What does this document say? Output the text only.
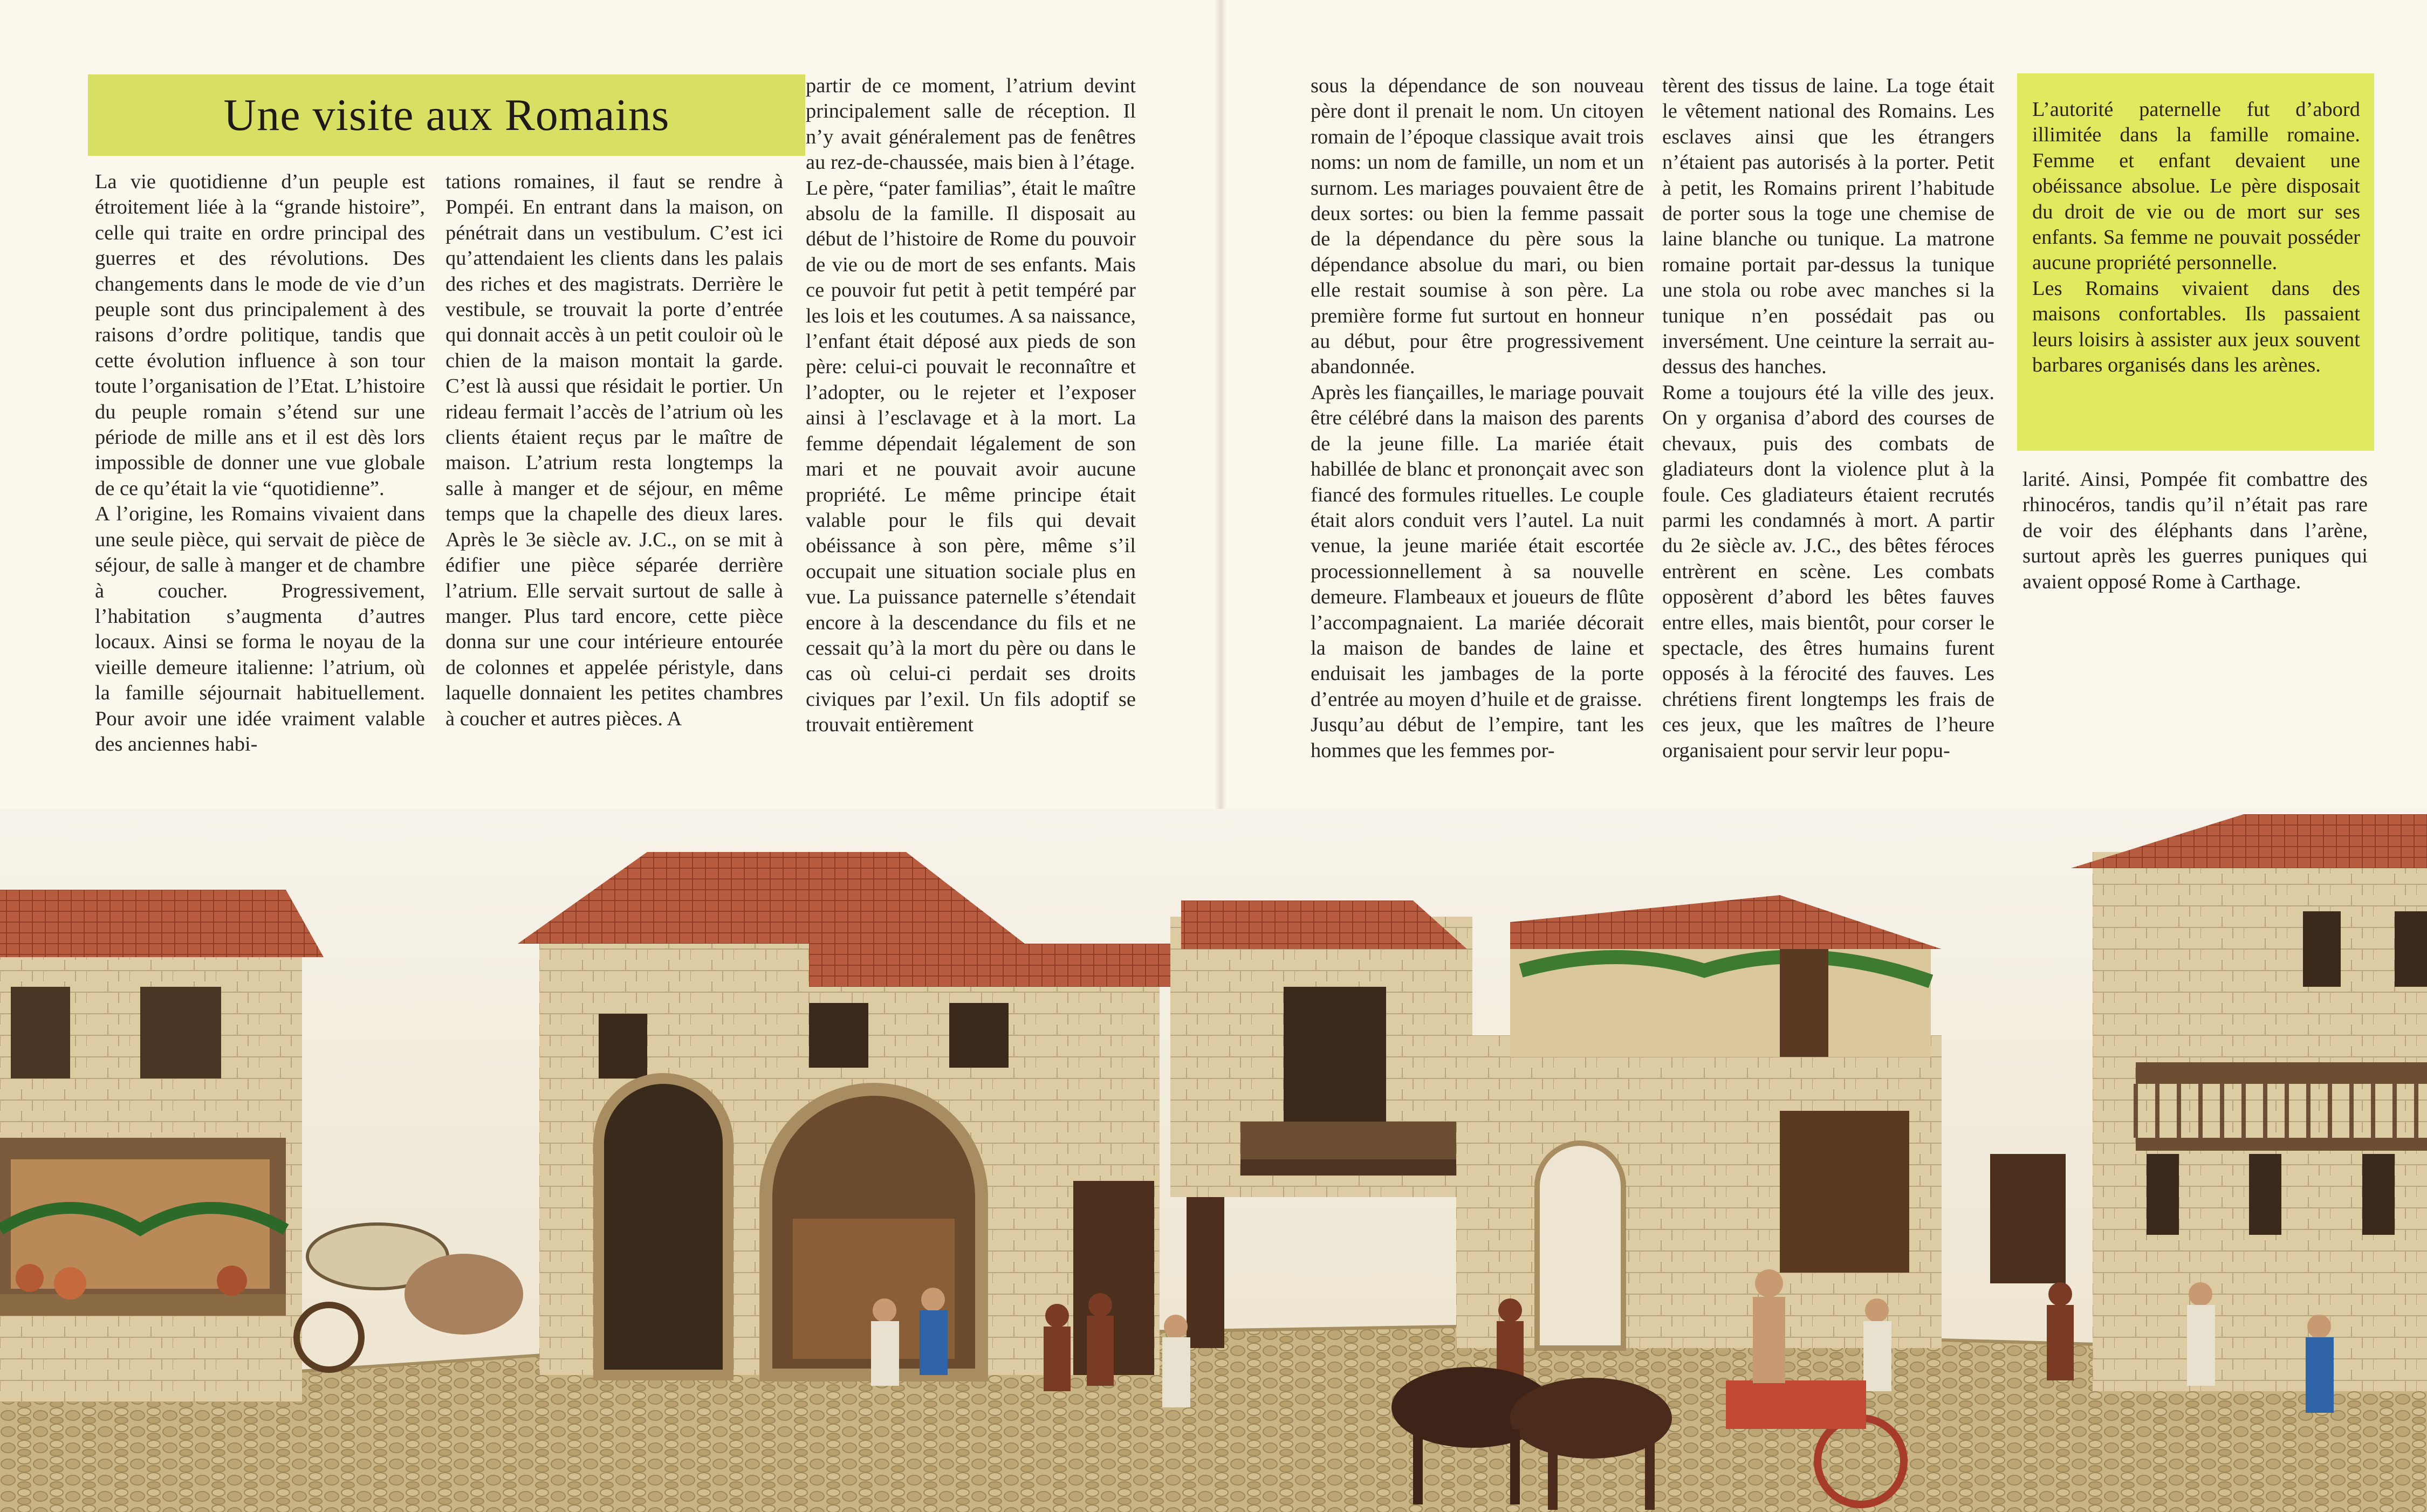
Une visite aux Romains

La vie quotidienne d’un peuple est étroitement liée à la “grande histoire”, celle qui traite en ordre principal des guerres et des révolutions. Des changements dans le mode de vie d’un peuple sont dus principalement à des raisons d’ordre politique, tandis que cette évolution influence à son tour toute l’organisation de l’Etat. L’histoire du peuple romain s’étend sur une période de mille ans et il est dès lors impossible de donner une vue globale de ce qu’était la vie “quotidienne”.

A l’origine, les Romains vivaient dans une seule pièce, qui servait de pièce de séjour, de salle à manger et de chambre à coucher. Progressivement, l’habitation s’augmenta d’autres locaux. Ainsi se forma le noyau de la vieille demeure italienne: l’atrium, où la famille séjournait habituellement. Pour avoir une idée vraiment valable des anciennes habi-

tations romaines, il faut se rendre à Pompéi. En entrant dans la maison, on pénétrait dans un vestibulum. C’est ici qu’attendaient les clients dans les palais des riches et des magistrats. Derrière le vestibule, se trouvait la porte d’entrée qui donnait accès à un petit couloir où le chien de la maison montait la garde. C’est là aussi que résidait le portier. Un rideau fermait l’accès de l’atrium où les clients étaient reçus par le maître de maison. L’atrium resta longtemps la salle à manger et de séjour, en même temps que la chapelle des dieux lares. Après le 3e siècle av. J.C., on se mit à édifier une pièce séparée derrière l’atrium. Elle servait surtout de salle à manger. Plus tard encore, cette pièce donna sur une cour intérieure entourée de colonnes et appelée péristyle, dans laquelle donnaient les petites chambres à coucher et autres pièces. A

partir de ce moment, l’atrium devint principalement salle de réception. Il n’y avait généralement pas de fenêtres au rez-de-chaussée, mais bien à l’étage.

Le père, “pater familias”, était le maître absolu de la famille. Il disposait au début de l’histoire de Rome du pouvoir de vie ou de mort de ses enfants. Mais ce pouvoir fut petit à petit tempéré par les lois et les coutumes. A sa naissance, l’enfant était déposé aux pieds de son père: celui-ci pouvait le reconnaître et l’adopter, ou le rejeter et l’exposer ainsi à l’esclavage et à la mort. La femme dépendait légalement de son mari et ne pouvait avoir aucune propriété. Le même principe était valable pour le fils qui devait obéissance à son père, même s’il occupait une situation sociale plus en vue. La puissance paternelle s’étendait encore à la descendance du fils et ne cessait qu’à la mort du père ou dans le cas où celui-ci perdait ses droits civiques par l’exil. Un fils adoptif se trouvait entièrement

sous la dépendance de son nouveau père dont il prenait le nom. Un citoyen romain de l’époque classique avait trois noms: un nom de famille, un nom et un surnom. Les mariages pouvaient être de deux sortes: ou bien la femme passait de la dépendance du père sous la dépendance absolue du mari, ou bien elle restait soumise à son père. La première forme fut surtout en honneur au début, pour être progressivement abandonnée.

Après les fiançailles, le mariage pouvait être célébré dans la maison des parents de la jeune fille. La mariée était habillée de blanc et prononçait avec son fiancé des formules rituelles. Le couple était alors conduit vers l’autel. La nuit venue, la jeune mariée était escortée processionnellement à sa nouvelle demeure. Flambeaux et joueurs de flûte l’accompagnaient. La mariée décorait la maison de bandes de laine et enduisait les jambages de la porte d’entrée au moyen d’huile et de graisse.

Jusqu’au début de l’empire, tant les hommes que les femmes por-

tèrent des tissus de laine. La toge était le vêtement national des Romains. Les esclaves ainsi que les étrangers n’étaient pas autorisés à la porter. Petit à petit, les Romains prirent l’habitude de porter sous la toge une chemise de laine blanche ou tunique. La matrone romaine portait par-dessus la tunique une stola ou robe avec manches si la tunique n’en possédait pas ou inversément. Une ceinture la serrait au-dessus des hanches.

Rome a toujours été la ville des jeux. On y organisa d’abord des courses de chevaux, puis des combats de gladiateurs dont la violence plut à la foule. Ces gladiateurs étaient recrutés parmi les condamnés à mort. A partir du 2e siècle av. J.C., des bêtes féroces entrèrent en scène. Les combats opposèrent d’abord les bêtes fauves entre elles, mais bientôt, pour corser le spectacle, des êtres humains furent opposés à la férocité des fauves. Les chrétiens firent longtemps les frais de ces jeux, que les maîtres de l’heure organisaient pour servir leur popu-

L’autorité paternelle fut d’abord illimitée dans la famille romaine. Femme et enfant devaient une obéissance absolue. Le père disposait du droit de vie ou de mort sur ses enfants. Sa femme ne pouvait posséder aucune propriété personnelle.

Les Romains vivaient dans des maisons confortables. Ils passaient leurs loisirs à assister aux jeux souvent barbares organisés dans les arènes.

larité. Ainsi, Pompée fit combattre des rhinocéros, tandis qu’il n’était pas rare de voir des éléphants dans l’arène, surtout après les guerres puniques qui avaient opposé Rome à Carthage.
